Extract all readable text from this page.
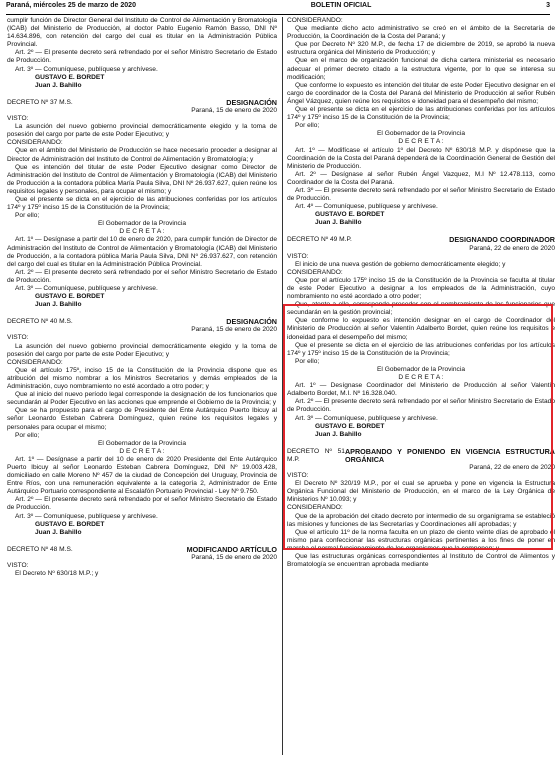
Paraná, miércoles 25 de marzo de 2020	BOLETIN OFICIAL	3

cumplir función de Director General del Instituto de Control de Alimentación y Bromatología (ICAB) del Ministerio de Producción, al doctor Pablo Eugenio Ramón Basso, DNI Nº 14.634.896, con retención del cargo del cual es titular en la Administración Pública Provincial.

Art. 2º — El presente decreto será refrendado por el señor Ministro Secretario de Estado de Producción.

Art. 3º — Comuníquese, publíquese y archívese.

GUSTAVO E. BORDET

Juan J. Bahillo

DECRETO Nº 37 M.S.	DESIGNACIÓN

Paraná, 15 de enero de 2020

VISTO:

La asunción del nuevo gobierno provincial democráticamente elegido y la toma de posesión del cargo por parte de este Poder Ejecutivo; y

CONSIDERANDO:

Que en el ámbito del Ministerio de Producción se hace necesario proceder a designar al Director de Administración del Instituto de Control de Alimentación y Bromatología; y

Que es intención del titular de este Poder Ejecutivo designar como Director de Administración del Instituto de Control de Alimentación y Bromatología (ICAB) del Ministerio de Producción a la contadora pública María Paula Silva, DNI Nº 26.937.627, quien reúne los requisitos legales y personales, para ocupar el mismo; y

Que el presente se dicta en el ejercicio de las atribuciones conferidas por los artículos 174º y 175º inciso 15 de la Constitución de la Provincia;

Por ello;

El Gobernador de la Provincia

D E C R E T A :

Art. 1º — Desígnase a partir del 10 de enero de 2020, para cumplir función de Director de Administración del Instituto de Control de Alimentación y Bromatología (ICAB) del Ministerio de Producción, a la contadora pública María Paula Silva, DNI Nº 26.937.627, con retención del cargo del cual es titular en la Administración Pública Provincial.

Art. 2º — El presente decreto será refrendado por el señor Ministro Secretario de Estado de Producción.

Art. 3º — Comuníquese, publíquese y archívese.

GUSTAVO E. BORDET

Juan J. Bahillo

DECRETO Nº 40 M.S.	DESIGNACIÓN

Paraná, 15 de enero de 2020

VISTO:

La asunción del nuevo gobierno provincial democráticamente elegido y la toma de posesión del cargo por parte de este Poder Ejecutivo; y

CONSIDERANDO:

Que el artículo 175º, inciso 15 de la Constitución de la Provincia dispone que es atribución del mismo nombrar a los Ministros Secretarios y demás empleados de la Administración, cuyo nombramiento no esté acordado a otro poder; y

Que al inicio del nuevo período legal corresponde la designación de los funcionarios que secundarán al Poder Ejecutivo en las acciones que emprende el Gobierno de la Provincia; y

Que se ha propuesto para el cargo de Presidente del Ente Autárquico Puerto Ibicuy al señor Leonardo Esteban Cabrera Domínguez, quien reúne los requisitos legales y personales para ocupar el mismo;

Por ello;

El Gobernador de la Provincia

D E C R E T A :

Art. 1º — Desígnase a partir del 10 de enero de 2020 Presidente del Ente Autárquico Puerto Ibicuy al señor Leonardo Esteban Cabrera Domínguez, DNI Nº 19.003.428, domiciliado en calle Moreno Nº 457 de la ciudad de Concepción del Uruguay, Provincia de Entre Ríos, con una remuneración equivalente a la categoría 2, Administrador de Ente Autárquico Portuario correspondiente al Escalafón Portuario Provincial - Ley Nº 9.750.

Art. 2º — El presente decreto será refrendado por el señor Ministro Secretario de Estado de Producción.

Art. 3º — Comuníquese, publíquese y archívese.

GUSTAVO E. BORDET

Juan J. Bahillo

DECRETO Nº 48 M.S.	MODIFICANDO ARTÍCULO

Paraná, 15 de enero de 2020

VISTO:

El Decreto Nº 630/18 M.P.; y

CONSIDERANDO:

Que mediante dicho acto administrativo se creó en el ámbito de la Secretaría de Producción, la Coordinación de la Costa del Paraná; y

Que por Decreto Nº 320 M.P., de fecha 17 de diciembre de 2019, se aprobó la nueva estructura orgánica del Ministerio de Producción; y

Que en el marco de organización funcional de dicha cartera ministerial es necesario adecuar el primer decreto citado a la estructura vigente, por lo que se interesa su modificación;

Que conforme lo expuesto es intención del titular de este Poder Ejecutivo designar en el cargo de coordinador de la Costa del Paraná del Ministerio de Producción al señor Rubén Ángel Vázquez, quien reúne los requisitos e idoneidad para el desempeño del mismo;

Que el presente se dicta en el ejercicio de las atribuciones conferidas por los artículos 174º y 175º inciso 15 de la Constitución de la Provincia;

Por ello;

El Gobernador de la Provincia

D E C R E T A :

Art. 1º — Modifícase el artículo 1º del Decreto Nº 630/18 M.P. y dispónese que la Coordinación de la Costa del Paraná dependerá de la Coordinación General de Gestión del Ministerio de Producción.

Art. 2º — Desígnase al señor Rubén Ángel Vazquez, M.I Nº 12.478.113, como Coordinador de la Costa del Paraná.

Art. 3º — El presente decreto será refrendado por el señor Ministro Secretario de Estado de Producción.

Art. 4º — Comuníquese, publíquese y archívese.

GUSTAVO E. BORDET

Juan J. Bahillo

DECRETO Nº 49 M.P.	DESIGNANDO COORDINADOR

Paraná, 22 de enero de 2020

VISTO:

El inicio de una nueva gestión de gobierno democráticamente elegido; y

CONSIDERANDO:

Que por el artículo 175º inciso 15 de la Constitución de la Provincia se faculta al titular de este Poder Ejecutivo a designar a los empleados de la Administración, cuyo nombramiento no esté acordado a otro poder;

Que, atento a ello, corresponde proceder con el nombramiento de los funcionarios que secundarán en la gestión provincial;

Que conforme lo expuesto es intención designar en el cargo de Coordinador del Ministerio de Producción al señor Valentín Adalberto Bordet, quien reúne los requisitos e idoneidad para el desempeño del mismo;

Que el presente se dicta en el ejercicio de las atribuciones conferidas por los artículos 174º y 175º inciso 15 de la Constitución de la Provincia;

Por ello;

El Gobernador de la Provincia

D E C R E T A :

Art. 1º — Desígnase Coordinador del Ministerio de Producción al señor Valentín Adalberto Bordet, M.I. Nº 16.328.040.

Art. 2º — El presente decreto será refrendado por el señor Ministro Secretario de Estado de Producción.

Art. 3º — Comuníquese, publíquese y archívese.

GUSTAVO E. BORDET

Juan J. Bahillo

DECRETO Nº 51 M.P.
APROBANDO Y PONIENDO EN VIGENCIA ESTRUCTURA ORGÁNICA

Paraná, 22 de enero de 2020

VISTO:

El Decreto Nº 320/19 M.P., por el cual se aprueba y pone en vigencia la Estructura Orgánica Funcional del Ministerio de Producción, en el marco de la Ley Orgánica de Ministerios Nº 10.093; y

CONSIDERANDO:

Que de la aprobación del citado decreto por intermedio de su organigrama se estableció las misiones y funciones de las Secretarías y Coordinaciones allí aprobadas; y

Que el artículo 11º de la norma faculta en un plazo de ciento veinte días de aprobado el mismo para confeccionar las estructuras orgánicas pertinentes a los fines de poner en marcha el normal funcionamiento de los organismos que la componen; y

Que las estructuras orgánicas correspondientes al Instituto de Control de Alimentos y Bromatología se encuentran aprobada mediante
